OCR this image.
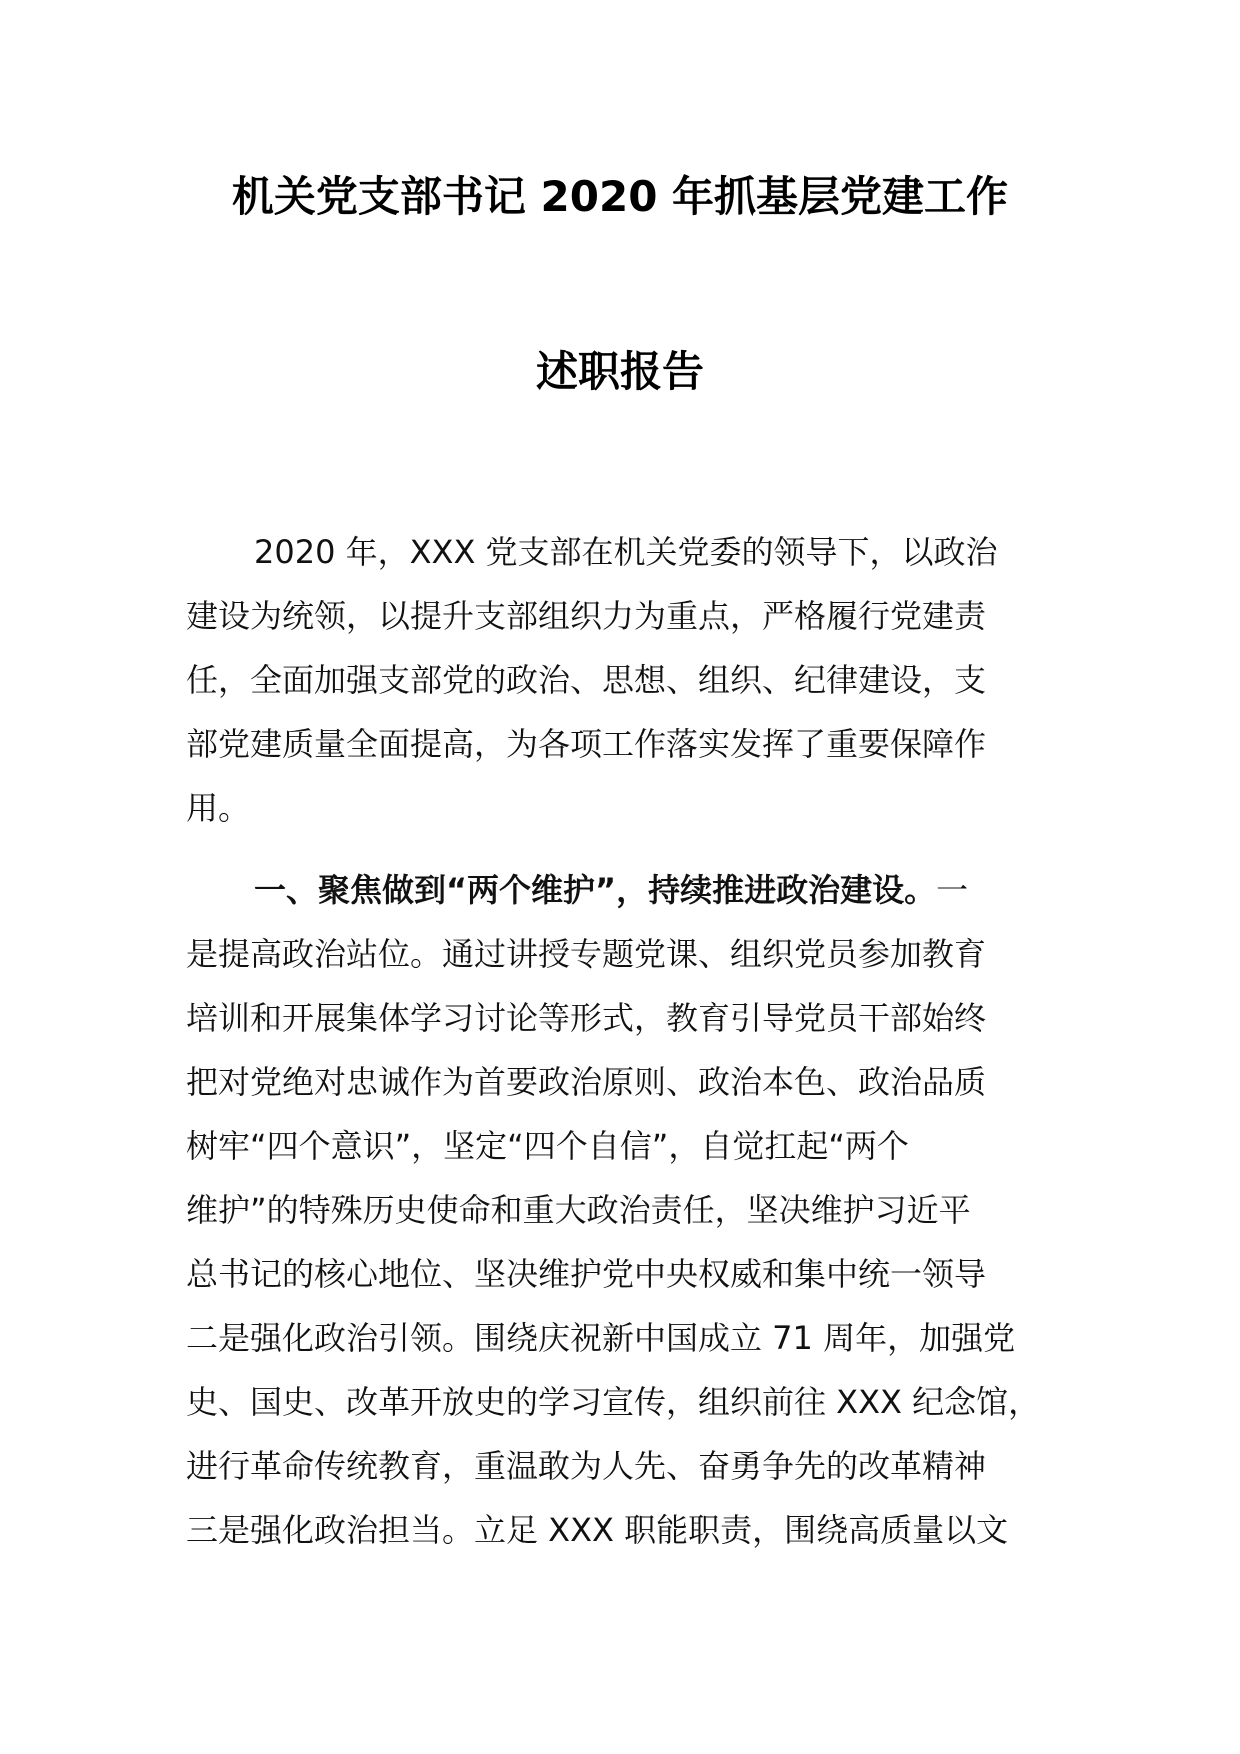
机关党支部书记 2020 年抓基层党建工作
述职报告
2020 年，XXX 党支部在机关党委的领导下，以政治
建设为统领，以提升支部组织力为重点，严格履行党建责
任，全面加强支部党的政治、思想、组织、纪律建设，支
部党建质量全面提高，为各项工作落实发挥了重要保障作
用。
一、聚焦做到“两个维护”，持续推进政治建设。一
是提高政治站位。通过讲授专题党课、组织党员参加教育
培训和开展集体学习讨论等形式，教育引导党员干部始终
把对党绝对忠诚作为首要政治原则、政治本色、政治品质
树牢“四个意识”，坚定“四个自信”，自觉扛起“两个
维护”的特殊历史使命和重大政治责任，坚决维护习近平
总书记的核心地位、坚决维护党中央权威和集中统一领导
二是强化政治引领。围绕庆祝新中国成立 71 周年，加强党
史、国史、改革开放史的学习宣传，组织前往 XXX 纪念馆，
进行革命传统教育，重温敢为人先、奋勇争先的改革精神
三是强化政治担当。立足 XXX 职能职责，围绕高质量以文
